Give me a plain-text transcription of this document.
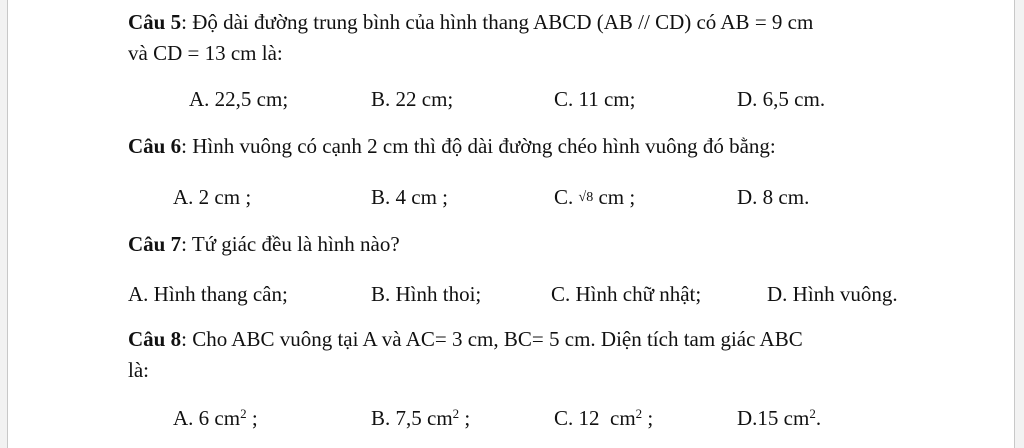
Câu 5: Độ dài đường trung bình của hình thang ABCD (AB // CD) có AB = 9 cm
và CD = 13 cm là:
A. 22,5 cm;	B. 22 cm;	C. 11 cm;	D. 6,5 cm.
Câu 6: Hình vuông có cạnh 2 cm thì độ dài đường chéo hình vuông đó bằng:
A. 2 cm ;	B. 4 cm ;	C. √8 cm ;	D. 8 cm.
Câu 7: Tứ giác đều là hình nào?
A. Hình thang cân;	B. Hình thoi;	C. Hình chữ nhật;	D. Hình vuông.
Câu 8: Cho ABC vuông tại A và AC= 3 cm, BC= 5 cm. Diện tích tam giác ABC
là:
A. 6 $cm^2$ ;	B. 7,5 $cm^2$ ;	C. 12  $cm^2$ ;	D.15 $cm^2$.
